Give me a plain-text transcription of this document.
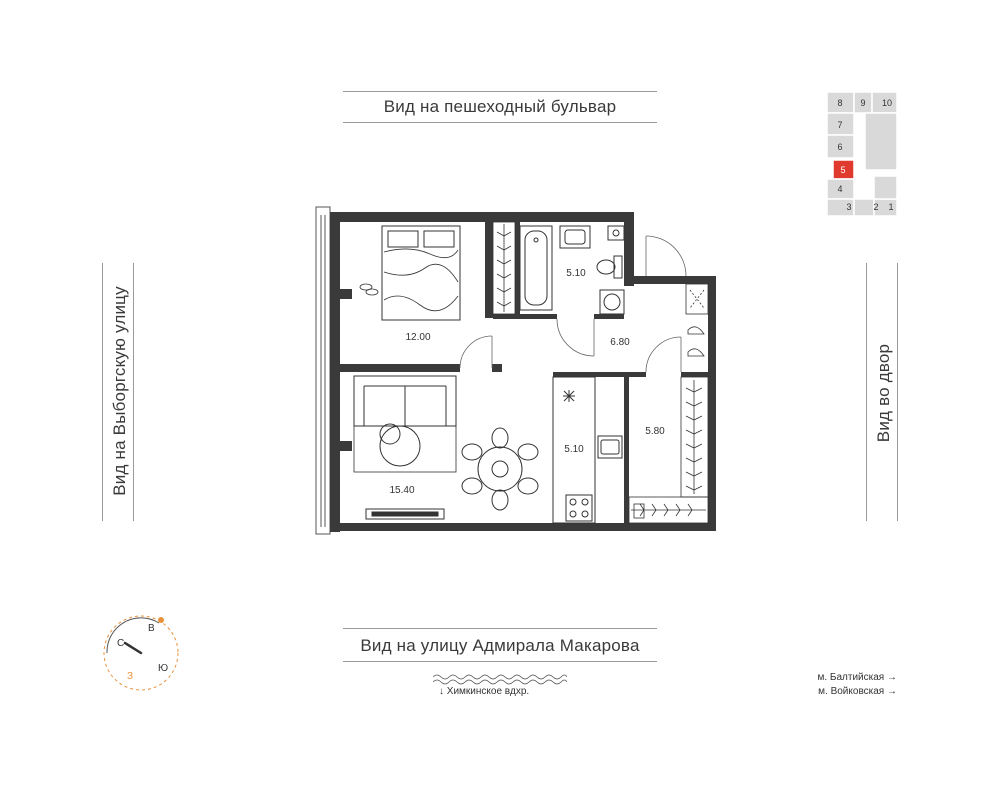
Вид на пешеходный бульвар
Вид на улицу Адмирала Макарова
Вид на Выборгскую улицу	Вид во двор
12.00
5.10
6.80
15.40
5.10
5.80
8 9 10
7
6
5
4
3 2 1
С
В
Ю
З
↓ Химкинское вдхр.
м. Балтийская →
м. Войковская →
